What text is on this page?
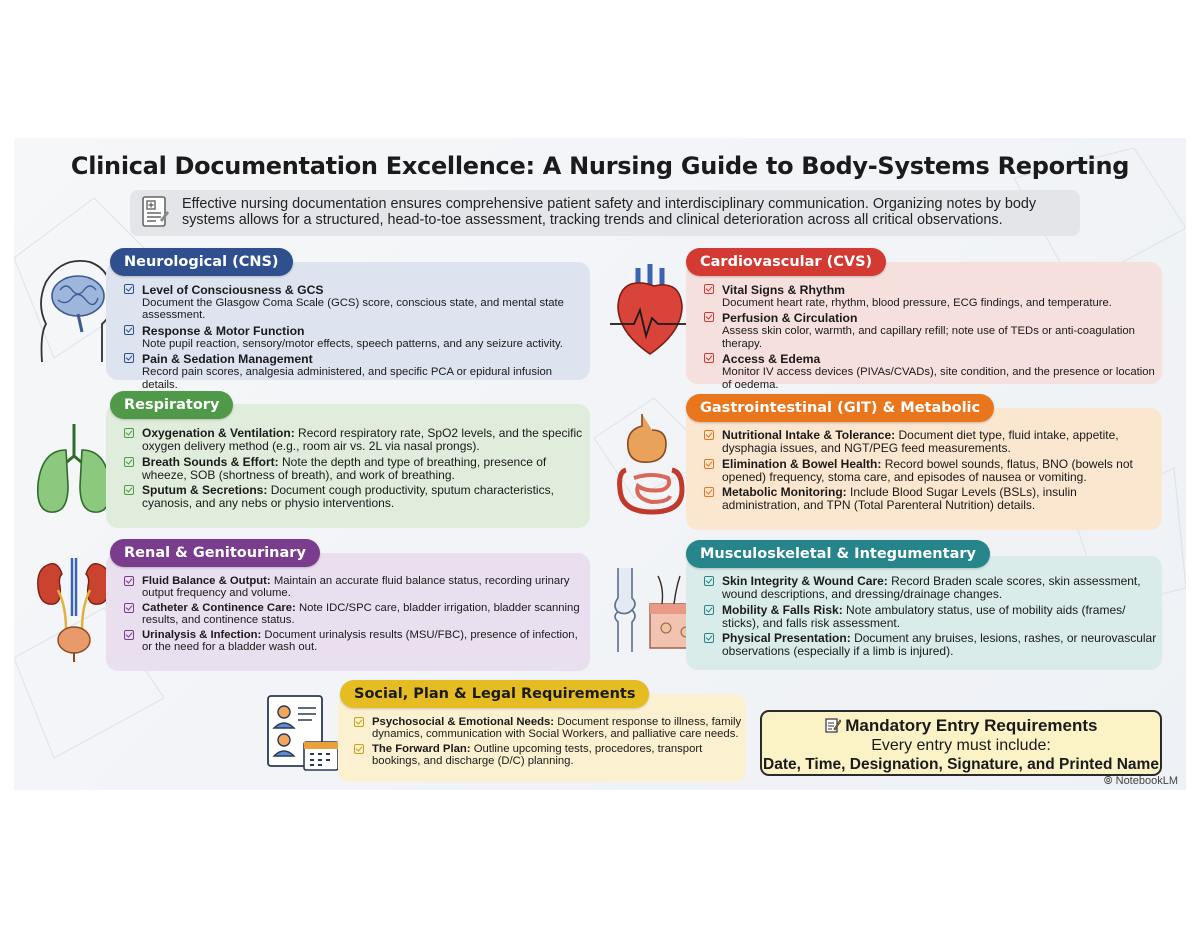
Clinical Documentation Excellence: A Nursing Guide to Body-Systems Reporting
Effective nursing documentation ensures comprehensive patient safety and interdisciplinary communication. Organizing notes by body systems allows for a structured, head-to-toe assessment, tracking trends and clinical deterioration across all critical observations.
Neurological (CNS)
Level of Consciousness & GCS
Document the Glasgow Coma Scale (GCS) score, conscious state, and mental state assessment.
Response & Motor Function
Note pupil reaction, sensory/motor effects, speech patterns, and any seizure activity.
Pain & Sedation Management
Record pain scores, analgesia administered, and specific PCA or epidural infusion details.
Respiratory
Oxygenation & Ventilation: Record respiratory rate, SpO2 levels, and the specific oxygen delivery method (e.g., room air vs. 2L via nasal prongs).
Breath Sounds & Effort: Note the depth and type of breathing, presence of wheeze, SOB (shortness of breath), and work of breathing.
Sputum & Secretions: Document cough productivity, sputum characteristics, cyanosis, and any nebs or physio interventions.
Renal & Genitourinary
Fluid Balance & Output: Maintain an accurate fluid balance status, recording urinary output frequency and volume.
Catheter & Continence Care: Note IDC/SPC care, bladder irrigation, bladder scanning results, and continence status.
Urinalysis & Infection: Document urinalysis results (MSU/FBC), presence of infection, or the need for a bladder wash out.
Cardiovascular (CVS)
Vital Signs & Rhythm
Document heart rate, rhythm, blood pressure, ECG findings, and temperature.
Perfusion & Circulation
Assess skin color, warmth, and capillary refill; note use of TEDs or anti-coagulation therapy.
Access & Edema
Monitor IV access devices (PIVAs/CVADs), site condition, and the presence or location of oedema.
Gastrointestinal (GIT) & Metabolic
Nutritional Intake & Tolerance: Document diet type, fluid intake, appetite, dysphagia issues, and NGT/PEG feed measurements.
Elimination & Bowel Health: Record bowel sounds, flatus, BNO (bowels not opened) frequency, stoma care, and episodes of nausea or vomiting.
Metabolic Monitoring: Include Blood Sugar Levels (BSLs), insulin administration, and TPN (Total Parenteral Nutrition) details.
Musculoskeletal & Integumentary
Skin Integrity & Wound Care: Record Braden scale scores, skin assessment, wound descriptions, and dressing/drainage changes.
Mobility & Falls Risk: Note ambulatory status, use of mobility aids (frames/ sticks), and falls risk assessment.
Physical Presentation: Document any bruises, lesions, rashes, or neurovascular observations (especially if a limb is injured).
Social, Plan & Legal Requirements
Psychosocial & Emotional Needs: Document response to illness, family dynamics, communication with Social Workers, and palliative care needs.
The Forward Plan: Outline upcoming tests, procedores, transport bookings, and discharge (D/C) planning.
Mandatory Entry Requirements
Every entry must include:
Date, Time, Designation, Signature, and Printed Name
⦾ NotebookLM
